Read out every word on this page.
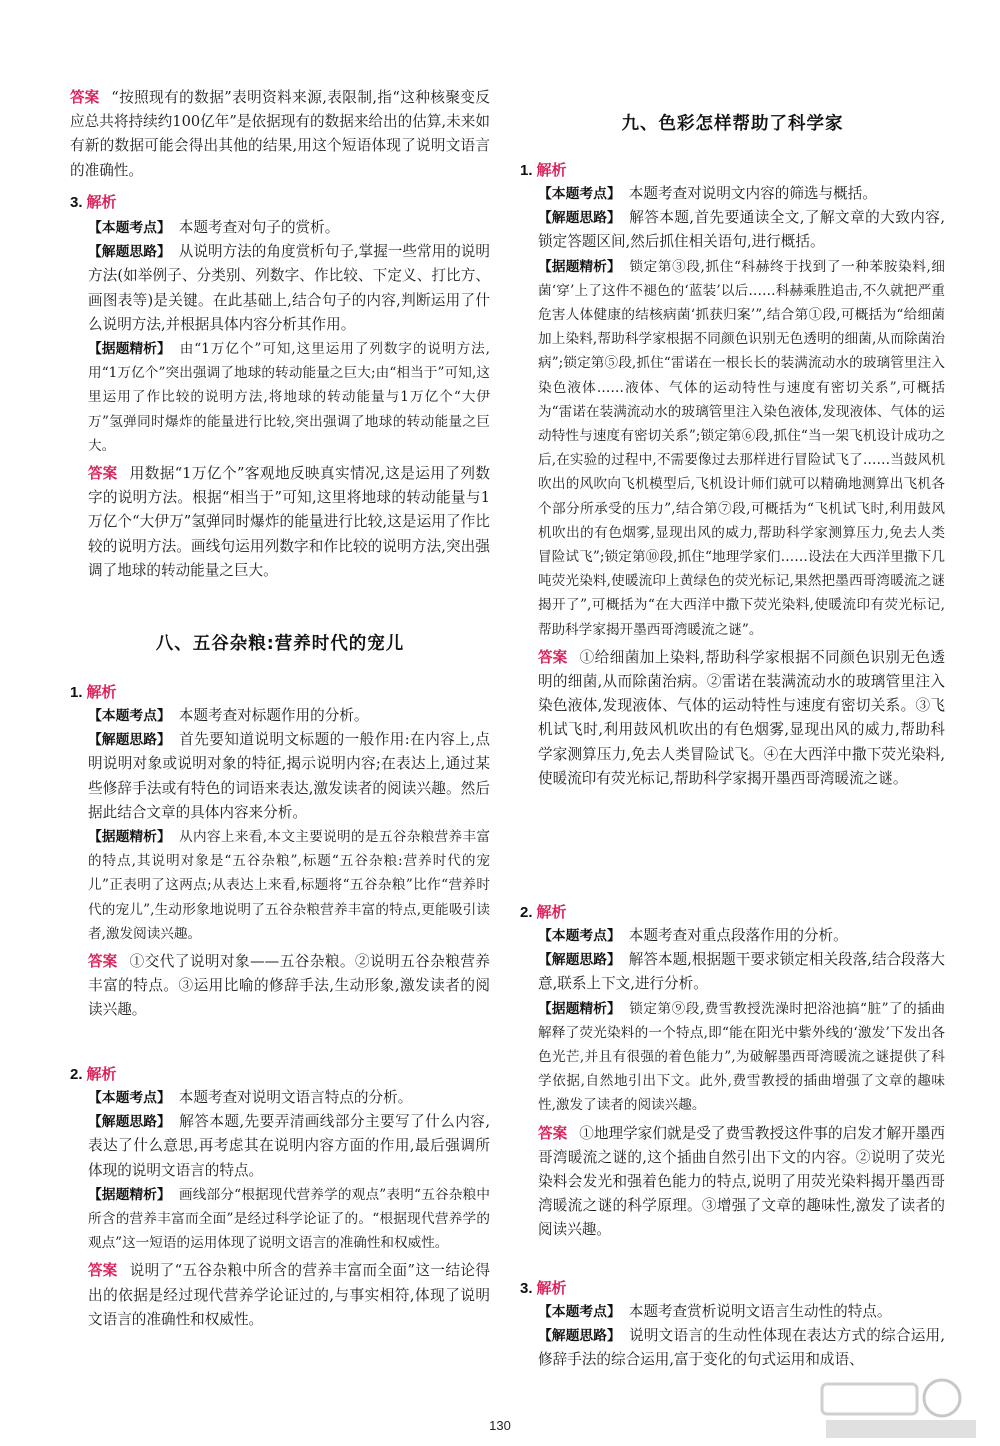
答案 “按照现有的数据”表明资料来源,表限制,指“这种核聚变反应总共将持续约100亿年”是依据现有的数据来给出的估算,未来如有新的数据可能会得出其他的结果,用这个短语体现了说明文语言的准确性。

3. 解析

【本题考点】 本题考查对句子的赏析。

【解题思路】 从说明方法的角度赏析句子,掌握一些常用的说明方法(如举例子、分类别、列数字、作比较、下定义、打比方、画图表等)是关键。在此基础上,结合句子的内容,判断运用了什么说明方法,并根据具体内容分析其作用。

【据题精析】 由“1万亿个”可知,这里运用了列数字的说明方法,用“1万亿个”突出强调了地球的转动能量之巨大;由“相当于”可知,这里运用了作比较的说明方法,将地球的转动能量与1万亿个“大伊万”氢弹同时爆炸的能量进行比较,突出强调了地球的转动能量之巨大。

答案 用数据“1万亿个”客观地反映真实情况,这是运用了列数字的说明方法。根据“相当于”可知,这里将地球的转动能量与1万亿个“大伊万”氢弹同时爆炸的能量进行比较,这是运用了作比较的说明方法。画线句运用列数字和作比较的说明方法,突出强调了地球的转动能量之巨大。

八、五谷杂粮:营养时代的宠儿

1. 解析

【本题考点】 本题考查对标题作用的分析。

【解题思路】 首先要知道说明文标题的一般作用:在内容上,点明说明对象或说明对象的特征,揭示说明内容;在表达上,通过某些修辞手法或有特色的词语来表达,激发读者的阅读兴趣。然后据此结合文章的具体内容来分析。

【据题精析】 从内容上来看,本文主要说明的是五谷杂粮营养丰富的特点,其说明对象是“五谷杂粮”,标题“五谷杂粮:营养时代的宠儿”正表明了这两点;从表达上来看,标题将“五谷杂粮”比作“营养时代的宠儿”,生动形象地说明了五谷杂粮营养丰富的特点,更能吸引读者,激发阅读兴趣。

答案 ①交代了说明对象——五谷杂粮。②说明五谷杂粮营养丰富的特点。③运用比喻的修辞手法,生动形象,激发读者的阅读兴趣。

2. 解析

【本题考点】 本题考查对说明文语言特点的分析。

【解题思路】 解答本题,先要弄清画线部分主要写了什么内容,表达了什么意思,再考虑其在说明内容方面的作用,最后强调所体现的说明文语言的特点。

【据题精析】 画线部分“根据现代营养学的观点”表明“五谷杂粮中所含的营养丰富而全面”是经过科学论证了的。“根据现代营养学的观点”这一短语的运用体现了说明文语言的准确性和权威性。

答案 说明了“五谷杂粮中所含的营养丰富而全面”这一结论得出的依据是经过现代营养学论证过的,与事实相符,体现了说明文语言的准确性和权威性。

九、色彩怎样帮助了科学家

1. 解析

【本题考点】 本题考查对说明文内容的筛选与概括。

【解题思路】 解答本题,首先要通读全文,了解文章的大致内容,锁定答题区间,然后抓住相关语句,进行概括。

【据题精析】 锁定第③段,抓住“科赫终于找到了一种苯胺染料,细菌‘穿’上了这件不褪色的‘蓝装’以后……科赫乘胜追击,不久就把严重危害人体健康的结核病菌‘抓获归案’”,结合第①段,可概括为“给细菌加上染料,帮助科学家根据不同颜色识别无色透明的细菌,从而除菌治病”;锁定第⑤段,抓住“雷诺在一根长长的装满流动水的玻璃管里注入染色液体……液体、气体的运动特性与速度有密切关系”,可概括为“雷诺在装满流动水的玻璃管里注入染色液体,发现液体、气体的运动特性与速度有密切关系”;锁定第⑥段,抓住“当一架飞机设计成功之后,在实验的过程中,不需要像过去那样进行冒险试飞了……当鼓风机吹出的风吹向飞机模型后,飞机设计师们就可以精确地测算出飞机各个部分所承受的压力”,结合第⑦段,可概括为“飞机试飞时,利用鼓风机吹出的有色烟雾,显现出风的威力,帮助科学家测算压力,免去人类冒险试飞”;锁定第⑩段,抓住“地理学家们……设法在大西洋里撒下几吨荧光染料,使暖流印上黄绿色的荧光标记,果然把墨西哥湾暖流之谜揭开了”,可概括为“在大西洋中撒下荧光染料,使暖流印有荧光标记,帮助科学家揭开墨西哥湾暖流之谜”。

答案 ①给细菌加上染料,帮助科学家根据不同颜色识别无色透明的细菌,从而除菌治病。②雷诺在装满流动水的玻璃管里注入染色液体,发现液体、气体的运动特性与速度有密切关系。③飞机试飞时,利用鼓风机吹出的有色烟雾,显现出风的威力,帮助科学家测算压力,免去人类冒险试飞。④在大西洋中撒下荧光染料,使暖流印有荧光标记,帮助科学家揭开墨西哥湾暖流之谜。

2. 解析

【本题考点】 本题考查对重点段落作用的分析。

【解题思路】 解答本题,根据题干要求锁定相关段落,结合段落大意,联系上下文,进行分析。

【据题精析】 锁定第⑨段,费雪教授洗澡时把浴池搞“脏”了的插曲解释了荧光染料的一个特点,即“能在阳光中紫外线的‘激发’下发出各色光芒,并且有很强的着色能力”,为破解墨西哥湾暖流之谜提供了科学依据,自然地引出下文。此外,费雪教授的插曲增强了文章的趣味性,激发了读者的阅读兴趣。

答案 ①地理学家们就是受了费雪教授这件事的启发才解开墨西哥湾暖流之谜的,这个插曲自然引出下文的内容。②说明了荧光染料会发光和强着色能力的特点,说明了用荧光染料揭开墨西哥湾暖流之谜的科学原理。③增强了文章的趣味性,激发了读者的阅读兴趣。

3. 解析

【本题考点】 本题考查赏析说明文语言生动性的特点。

【解题思路】 说明文语言的生动性体现在表达方式的综合运用,修辞手法的综合运用,富于变化的句式运用和成语、

130
